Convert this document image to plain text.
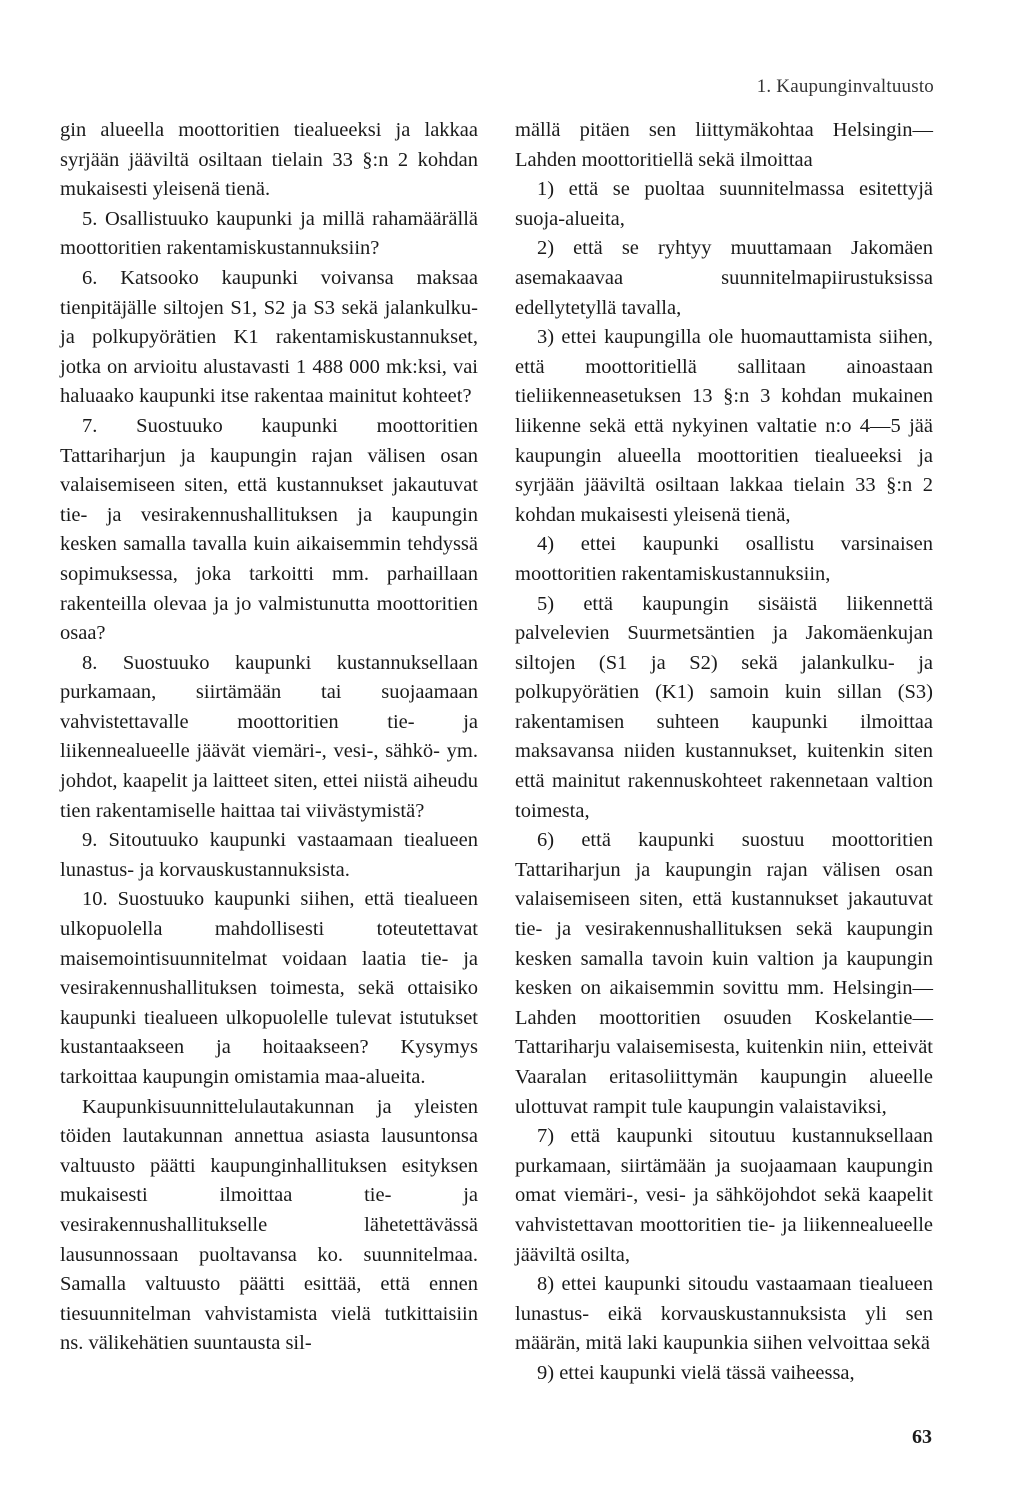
1. Kaupunginvaltuusto

gin alueella moottoritien tiealueeksi ja lakkaa syrjään jääviltä osiltaan tielain 33 §:n 2 kohdan mukaisesti yleisenä tienä.

5. Osallistuuko kaupunki ja millä rahamäärällä moottoritien rakentamiskustannuksiin?

6. Katsooko kaupunki voivansa maksaa tienpitäjälle siltojen S1, S2 ja S3 sekä jalankulku- ja polkupyörätien K1 rakentamiskustannukset, jotka on arvioitu alustavasti 1 488 000 mk:ksi, vai haluaako kaupunki itse rakentaa mainitut kohteet?

7. Suostuuko kaupunki moottoritien Tattariharjun ja kaupungin rajan välisen osan valaisemiseen siten, että kustannukset jakautuvat tie- ja vesirakennushallituksen ja kaupungin kesken samalla tavalla kuin aikaisemmin tehdyssä sopimuksessa, joka tarkoitti mm. parhaillaan rakenteilla olevaa ja jo valmistunutta moottoritien osaa?

8. Suostuuko kaupunki kustannuksellaan purkamaan, siirtämään tai suojaamaan vahvistettavalle moottoritien tie- ja liikennealueelle jäävät viemäri-, vesi-, sähkö- ym. johdot, kaapelit ja laitteet siten, ettei niistä aiheudu tien rakentamiselle haittaa tai viivästymistä?

9. Sitoutuuko kaupunki vastaamaan tiealueen lunastus- ja korvauskustannuksista.

10. Suostuuko kaupunki siihen, että tiealueen ulkopuolella mahdollisesti toteutettavat maisemointisuunnitelmat voidaan laatia tie- ja vesirakennushallituksen toimesta, sekä ottaisiko kaupunki tiealueen ulkopuolelle tulevat istutukset kustantaakseen ja hoitaakseen? Kysymys tarkoittaa kaupungin omistamia maa-alueita.

Kaupunkisuunnittelulautakunnan ja yleisten töiden lautakunnan annettua asiasta lausuntonsa valtuusto päätti kaupunginhallituksen esityksen mukaisesti ilmoittaa tie- ja vesirakennushallitukselle lähetettävässä lausunnossaan puoltavansa ko. suunnitelmaa. Samalla valtuusto päätti esittää, että ennen tiesuunnitelman vahvistamista vielä tutkittaisiin ns. välikehätien suuntausta sil-

mällä pitäen sen liittymäkohtaa Helsingin—Lahden moottoritiellä sekä ilmoittaa

1) että se puoltaa suunnitelmassa esitettyjä suoja-alueita,

2) että se ryhtyy muuttamaan Jakomäen asemakaavaa suunnitelmapiirustuksissa edellytetyllä tavalla,

3) ettei kaupungilla ole huomauttamista siihen, että moottoritiellä sallitaan ainoastaan tieliikenneasetuksen 13 §:n 3 kohdan mukainen liikenne sekä että nykyinen valtatie n:o 4—5 jää kaupungin alueella moottoritien tiealueeksi ja syrjään jääviltä osiltaan lakkaa tielain 33 §:n 2 kohdan mukaisesti yleisenä tienä,

4) ettei kaupunki osallistu varsinaisen moottoritien rakentamiskustannuksiin,

5) että kaupungin sisäistä liikennettä palvelevien Suurmetsäntien ja Jakomäenkujan siltojen (S1 ja S2) sekä jalankulku- ja polkupyörätien (K1) samoin kuin sillan (S3) rakentamisen suhteen kaupunki ilmoittaa maksavansa niiden kustannukset, kuitenkin siten että mainitut rakennuskohteet rakennetaan valtion toimesta,

6) että kaupunki suostuu moottoritien Tattariharjun ja kaupungin rajan välisen osan valaisemiseen siten, että kustannukset jakautuvat tie- ja vesirakennushallituksen sekä kaupungin kesken samalla tavoin kuin valtion ja kaupungin kesken on aikaisemmin sovittu mm. Helsingin—Lahden moottoritien osuuden Koskelantie—Tattariharju valaisemisesta, kuitenkin niin, etteivät Vaaralan eritasoliittymän kaupungin alueelle ulottuvat rampit tule kaupungin valaistaviksi,

7) että kaupunki sitoutuu kustannuksellaan purkamaan, siirtämään ja suojaamaan kaupungin omat viemäri-, vesi- ja sähköjohdot sekä kaapelit vahvistettavan moottoritien tie- ja liikennealueelle jääviltä osilta,

8) ettei kaupunki sitoudu vastaamaan tiealueen lunastus- eikä korvauskustannuksista yli sen määrän, mitä laki kaupunkia siihen velvoittaa sekä

9) ettei kaupunki vielä tässä vaiheessa,

63
